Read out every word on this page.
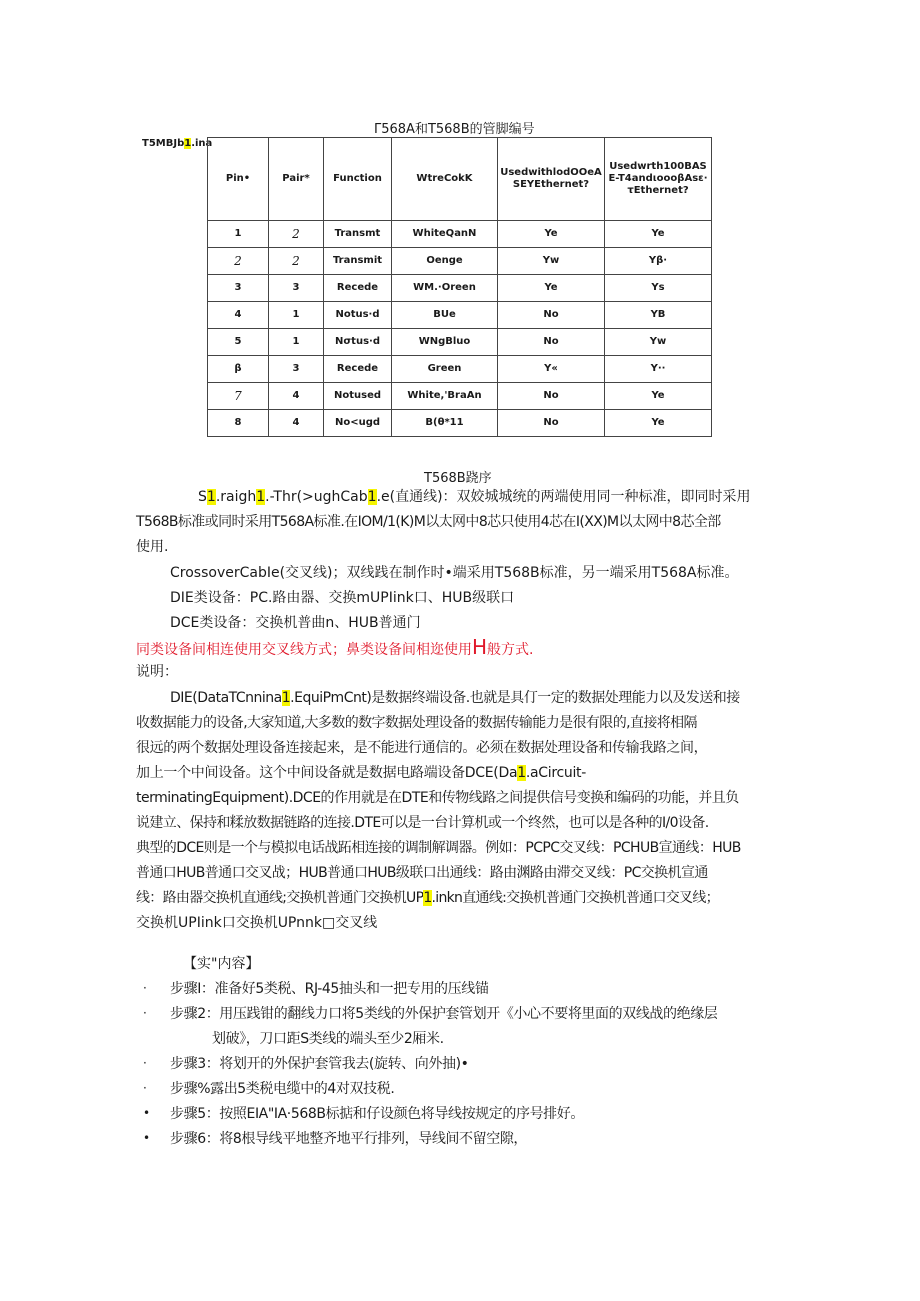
Γ568A和T568B的管脚编号
T5MBJb1.ina
Pin•	Pair*	Function	WtreCokK	UsedwithlodOOeASEYEthernet?	Usedwrth100BASE-T4andιoooβAsε·τEthernet?
1	2	Transmt	WhiteQanN	Ye	Ye
2	2	Transmit	Oenge	Yw	Yβ·
3	3	Recede	WM.·Oreen	Ye	Ys
4	1	Notus·d	BUe	No	YB
5	1	Nσtus·d	WNgBluo	No	Yw
β	3	Recede	Green	Y«	Y··
7	4	Notused	White,'BraAn	No	Ye
8	4	No<ugd	B(θ*11	No	Ye
T568B跷序
S1.raigh1.-Thr(>ughCab1.e(直通线)：双姣城城统的两端使用同一种标准，即同时采用
T568B标准或同时采用T568A标准.在IOM/1(K)M以太网中8芯只使用4芯在I(XX)M以太网中8芯全部
使用.
CrossoverCabIe(交叉线)；双线践在制作时•端采用T568B标准，另一端采用T568A标准。
DIE类设备：PC.路由器、交换mUPIink口、HUB级联口
DCE类设备：交换机普曲n、HUB普通门
同类设备间相连使用交叉线方式；鼻类设备间相迩使用H般方式.
说明：
DIE(DataTCnnina1.EquiPmCnt)是数据终端设备.也就是具仃一定的数据处理能力以及发送和接
收数据能力的设备,大家知道,大多数的数字数据处理设备的数据传输能力是很有限的,直接将相隔
很远的两个数据处理设备连接起来，是不能进行通信的。必须在数据处理设备和传输我路之间，
加上一个中间设备。这个中间设备就是数据电路端设备DCE(Da1.aCircuit-
terminatingEquipment).DCE的作用就是在DTE和传物线路之间提供信号变换和编码的功能，并且负
说建立、保持和糅放数据链路的连接.DTE可以是一台计算机或一个终然，也可以是各种的I/0设备.
典型的DCE则是一个与模拟电话战跖相连接的调制解调器。例如：PCPC交叉线：PCHUB宣通线：HUB
普通口HUB普通口交叉战；HUB普通口HUB级联口出通线：路由渊路由滞交叉线：PC交换机宣通
线：路由器交换机直通线;交换机普通门交换机UP1.inkn直通线:交换机普通门交换机普通口交叉线；
交换机UPIink口交换机UPnnk□交叉线
【实"内容】
· 步骤I：准备好5类税、RJ-45抽头和一把专用的压线锚
· 步骤2：用压践钳的翻线力口将5类线的外保护套管划开《小心不要将里面的双线战的绝缘层
划破》，刀口距S类线的端头至少2厢米.
· 步骤3：将划开的外保护套管我去(旋转、向外抽)•
· 步骤%露出5类税电缆中的4对双技税.
• 步骤5：按照EIA"IA·568B标掂和仔设颜色将导线按规定的序号排好。
• 步骤6：将8根导线平地整齐地平行排列，导线间不留空隙，
